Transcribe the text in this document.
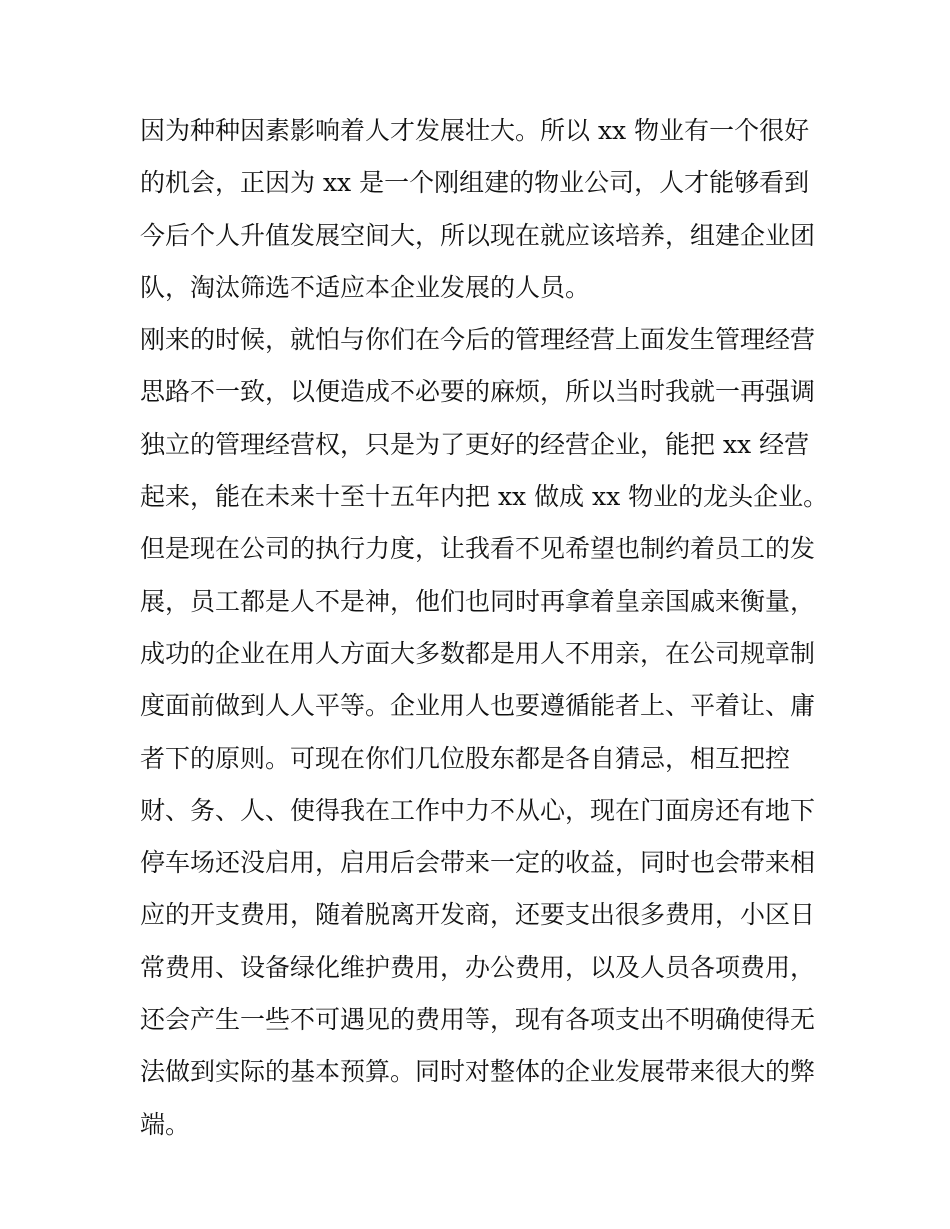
因为种种因素影响着人才发展壮大。所以 xx 物业有一个很好
的机会，正因为 xx 是一个刚组建的物业公司，人才能够看到
今后个人升值发展空间大，所以现在就应该培养，组建企业团
队，淘汰筛选不适应本企业发展的人员。
刚来的时候，就怕与你们在今后的管理经营上面发生管理经营
思路不一致，以便造成不必要的麻烦，所以当时我就一再强调
独立的管理经营权，只是为了更好的经营企业，能把 xx 经营
起来，能在未来十至十五年内把 xx 做成 xx 物业的龙头企业。
但是现在公司的执行力度，让我看不见希望也制约着员工的发
展，员工都是人不是神，他们也同时再拿着皇亲国戚来衡量，
成功的企业在用人方面大多数都是用人不用亲，在公司规章制
度面前做到人人平等。企业用人也要遵循能者上、平着让、庸
者下的原则。可现在你们几位股东都是各自猜忌，相互把控
财、务、人、使得我在工作中力不从心，现在门面房还有地下
停车场还没启用，启用后会带来一定的收益，同时也会带来相
应的开支费用，随着脱离开发商，还要支出很多费用，小区日
常费用、设备绿化维护费用，办公费用，以及人员各项费用，
还会产生一些不可遇见的费用等，现有各项支出不明确使得无
法做到实际的基本预算。同时对整体的企业发展带来很大的弊
端。
